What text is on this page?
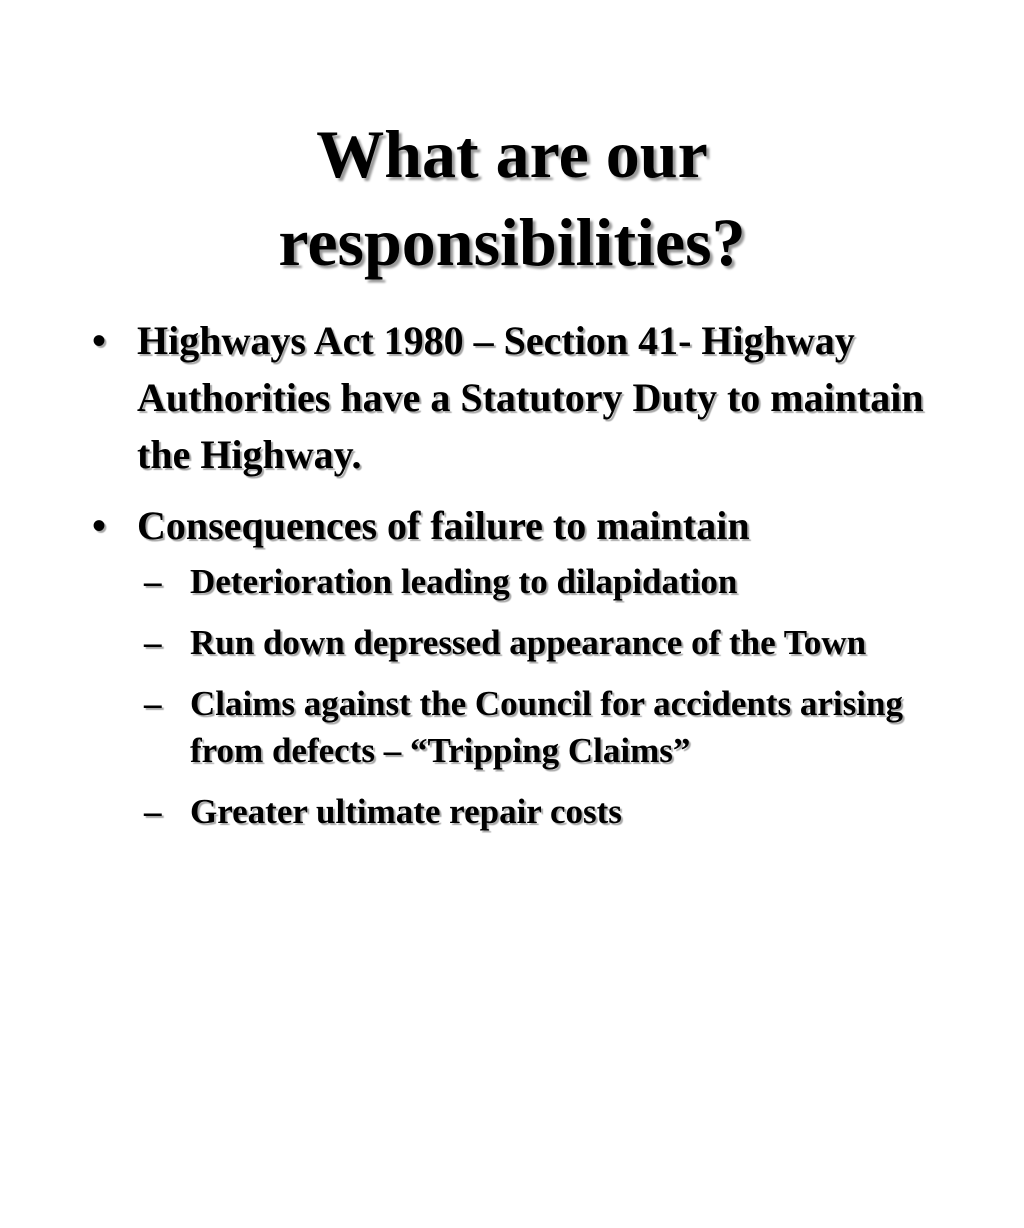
What are our
responsibilities?
• Highways Act 1980 – Section 41- Highway Authorities have a Statutory Duty to maintain the Highway.
• Consequences of failure to maintain
– Deterioration leading to dilapidation
– Run down depressed appearance of the Town
– Claims against the Council for accidents arising from defects – “Tripping Claims”
– Greater ultimate repair costs
